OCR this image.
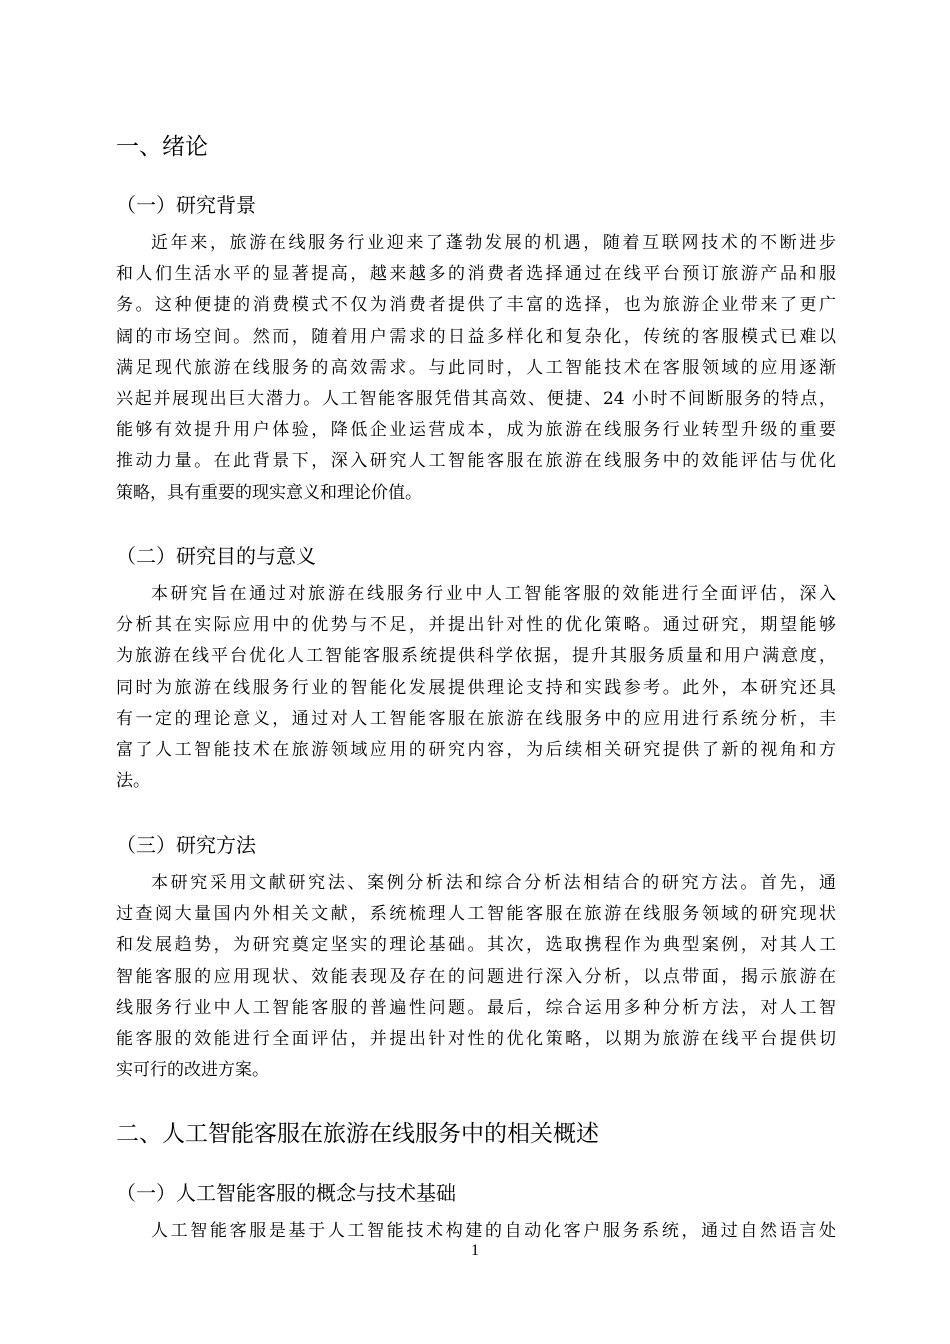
一、绪论
（一）研究背景
近年来，旅游在线服务行业迎来了蓬勃发展的机遇，随着互联网技术的不断进步
和人们生活水平的显著提高，越来越多的消费者选择通过在线平台预订旅游产品和服
务。这种便捷的消费模式不仅为消费者提供了丰富的选择，也为旅游企业带来了更广
阔的市场空间。然而，随着用户需求的日益多样化和复杂化，传统的客服模式已难以
满足现代旅游在线服务的高效需求。与此同时，人工智能技术在客服领域的应用逐渐
兴起并展现出巨大潜力。人工智能客服凭借其高效、便捷、24 小时不间断服务的特点，
能够有效提升用户体验，降低企业运营成本，成为旅游在线服务行业转型升级的重要
推动力量。在此背景下，深入研究人工智能客服在旅游在线服务中的效能评估与优化
策略，具有重要的现实意义和理论价值。
（二）研究目的与意义
本研究旨在通过对旅游在线服务行业中人工智能客服的效能进行全面评估，深入
分析其在实际应用中的优势与不足，并提出针对性的优化策略。通过研究，期望能够
为旅游在线平台优化人工智能客服系统提供科学依据，提升其服务质量和用户满意度，
同时为旅游在线服务行业的智能化发展提供理论支持和实践参考。此外，本研究还具
有一定的理论意义，通过对人工智能客服在旅游在线服务中的应用进行系统分析，丰
富了人工智能技术在旅游领域应用的研究内容，为后续相关研究提供了新的视角和方
法。
（三）研究方法
本研究采用文献研究法、案例分析法和综合分析法相结合的研究方法。首先，通
过查阅大量国内外相关文献，系统梳理人工智能客服在旅游在线服务领域的研究现状
和发展趋势，为研究奠定坚实的理论基础。其次，选取携程作为典型案例，对其人工
智能客服的应用现状、效能表现及存在的问题进行深入分析，以点带面，揭示旅游在
线服务行业中人工智能客服的普遍性问题。最后，综合运用多种分析方法，对人工智
能客服的效能进行全面评估，并提出针对性的优化策略，以期为旅游在线平台提供切
实可行的改进方案。
二、人工智能客服在旅游在线服务中的相关概述
（一）人工智能客服的概念与技术基础
人工智能客服是基于人工智能技术构建的自动化客户服务系统，通过自然语言处
1
